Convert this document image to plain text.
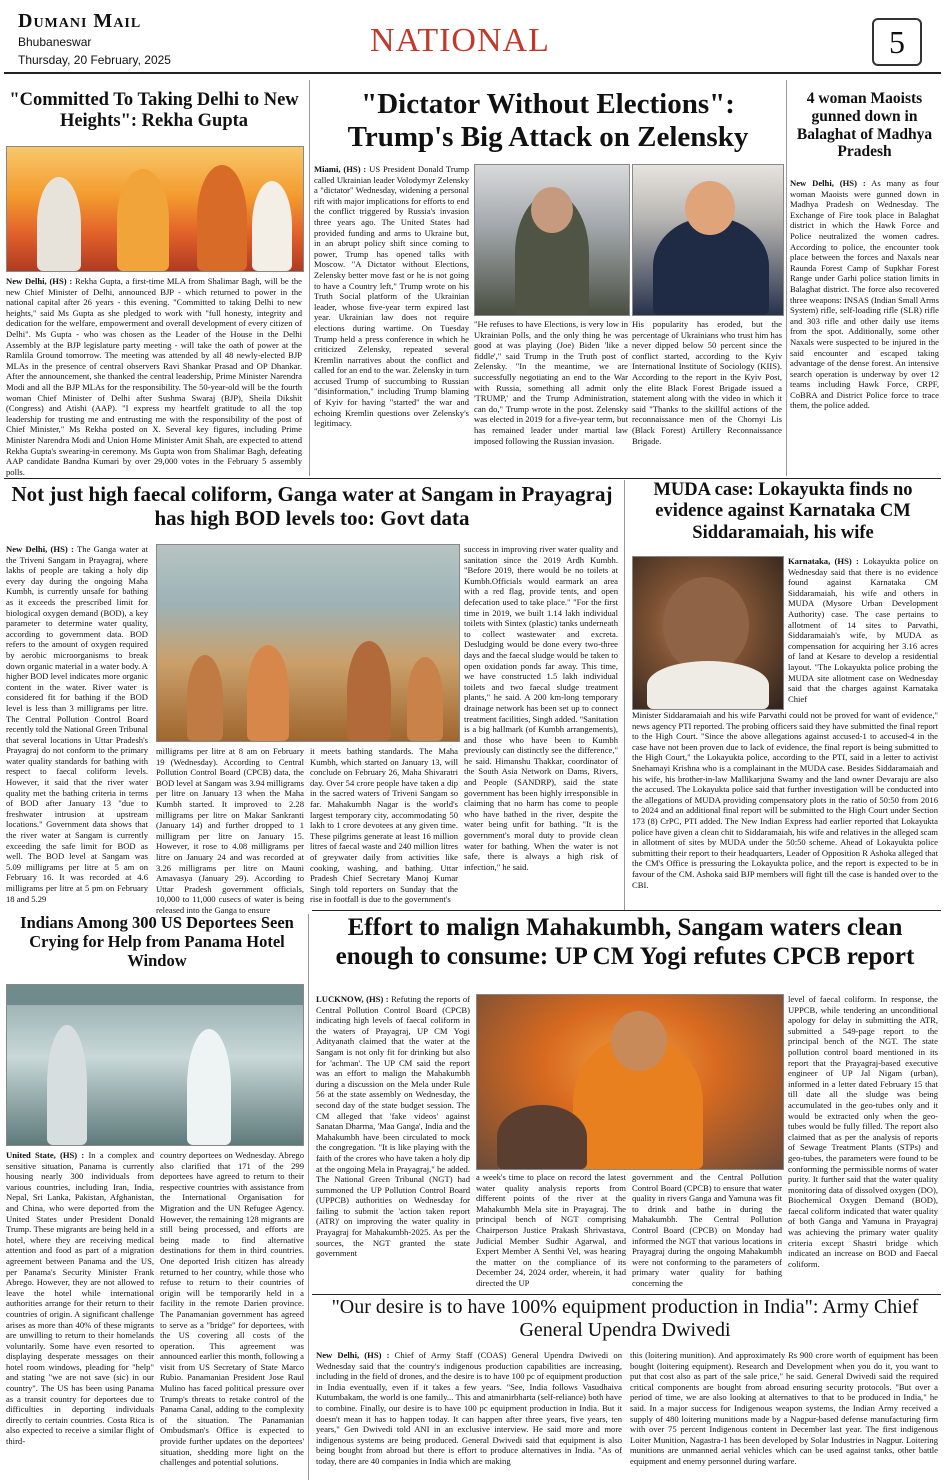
Dumani Mail
Bhubaneswar
Thursday, 20 February, 2025
NATIONAL	5
"Committed To Taking Delhi to New Heights": Rekha Gupta

New Delhi, (HS) : Rekha Gupta, a first-time MLA from Shalimar Bagh, will be the new Chief Minister of Delhi, announced BJP - which returned to power in the national capital after 26 years - this evening. "Committed to taking Delhi to new heights," said Ms Gupta as she pledged to work with "full honesty, integrity and dedication for the welfare, empowerment and overall development of every citizen of Delhi". Ms Gupta - who was chosen as the Leader of the House in the Delhi Assembly at the BJP legislature party meeting - will take the oath of power at the Ramlila Ground tomorrow. The meeting was attended by all 48 newly-elected BJP MLAs in the presence of central observers Ravi Shankar Prasad and OP Dhankar. After the announcement, she thanked the central leadership, Prime Minister Narendra Modi and all the BJP MLAs for the responsibility. The 50-year-old will be the fourth woman Chief Minister of Delhi after Sushma Swaraj (BJP), Sheila Dikshit (Congress) and Atishi (AAP). "I express my heartfelt gratitude to all the top leadership for trusting me and entrusting me with the responsibility of the post of Chief Minister," Ms Rekha posted on X. Several key figures, including Prime Minister Narendra Modi and Union Home Minister Amit Shah, are expected to attend Rekha Gupta's swearing-in ceremony. Ms Gupta won from Shalimar Bagh, defeating AAP candidate Bandna Kumari by over 29,000 votes in the February 5 assembly polls.

"Dictator Without Elections": Trump's Big Attack on Zelensky

Miami, (HS) : US President Donald Trump called Ukrainian leader Volodymyr Zelensky a "dictator" Wednesday, widening a personal rift with major implications for efforts to end the conflict triggered by Russia's invasion three years ago. The United States had provided funding and arms to Ukraine but, in an abrupt policy shift since coming to power, Trump has opened talks with Moscow. "A Dictator without Elections, Zelensky better move fast or he is not going to have a Country left," Trump wrote on his Truth Social platform of the Ukrainian leader, whose five-year term expired last year. Ukrainian law does not require elections during wartime. On Tuesday Trump held a press conference in which he criticized Zelensky, repeated several Kremlin narratives about the conflict and called for an end to the war. Zelensky in turn accused Trump of succumbing to Russian "disinformation," including Trump blaming of Kyiv for having "started" the war and echoing Kremlin questions over Zelensky's legitimacy.

"He refuses to have Elections, is very low in Ukrainian Polls, and the only thing he was good at was playing (Joe) Biden 'like a fiddle'," said Trump in the Truth post of Zelensky. "In the meantime, we are successfully negotiating an end to the War with Russia, something all admit only 'TRUMP,' and the Trump Administration, can do," Trump wrote in the post. Zelensky was elected in 2019 for a five-year term, but has remained leader under martial law imposed following the Russian invasion.

His popularity has eroded, but the percentage of Ukrainians who trust him has never dipped below 50 percent since the conflict started, according to the Kyiv International Institute of Sociology (KIIS). According to the report in the Kyiv Post, the elite Black Forest Brigade issued a statement along with the video in which it said "Thanks to the skillful actions of the reconnaissance men of the Chornyi Lis (Black Forest) Artillery Reconnaissance Brigade.

4 woman Maoists gunned down in Balaghat of Madhya Pradesh

New Delhi, (HS) : As many as four woman Maoists were gunned down in Madhya Pradesh on Wednesday. The Exchange of Fire took place in Balaghat district in which the Hawk Force and Police neutralized the women cadres. According to police, the encounter took place between the forces and Naxals near Raunda Forest Camp of Supkhar Forest Range under Garhi police station limits in Balaghat district. The force also recovered three weapons: INSAS (Indian Small Arms System) rifle, self-loading rifle (SLR) rifle and 303 rifle and other daily use items from the spot. Additionally, some other Naxals were suspected to be injured in the said encounter and escaped taking advantage of the dense forest. An intensive search operation is underway by over 12 teams including Hawk Force, CRPF, CoBRA and District Police force to trace them, the police added.

Not just high faecal coliform, Ganga water at Sangam in Prayagraj has high BOD levels too: Govt data

New Delhi, (HS) : The Ganga water at the Triveni Sangam in Prayagraj, where lakhs of people are taking a holy dip every day during the ongoing Maha Kumbh, is currently unsafe for bathing as it exceeds the prescribed limit for biological oxygen demand (BOD), a key parameter to determine water quality, according to government data. BOD refers to the amount of oxygen required by aerobic microorganisms to break down organic material in a water body. A higher BOD level indicates more organic content in the water. River water is considered fit for bathing if the BOD level is less than 3 milligrams per litre. The Central Pollution Control Board recently told the National Green Tribunal that several locations in Uttar Pradesh's Prayagraj do not conform to the primary water quality standards for bathing with respect to faecal coliform levels. However, it said that the river water quality met the bathing criteria in terms of BOD after January 13 "due to freshwater intrusion at upstream locations." Government data shows that the river water at Sangam is currently exceeding the safe limit for BOD as well. The BOD level at Sangam was 5.09 milligrams per litre at 5 am on February 16. It was recorded at 4.6 milligrams per litre at 5 pm on February 18 and 5.29

milligrams per litre at 8 am on February 19 (Wednesday). According to Central Pollution Control Board (CPCB) data, the BOD level at Sangam was 3.94 milligrams per litre on January 13 when the Maha Kumbh started. It improved to 2.28 milligrams per litre on Makar Sankranti (January 14) and further dropped to 1 milligram per litre on January 15. However, it rose to 4.08 milligrams per litre on January 24 and was recorded at 3.26 milligrams per litre on Mauni Amavasya (January 29). According to Uttar Pradesh government officials, 10,000 to 11,000 cusecs of water is being released into the Ganga to ensure

it meets bathing standards. The Maha Kumbh, which started on January 13, will conclude on February 26, Maha Shivaratri day. Over 54 crore people have taken a dip in the sacred waters of Triveni Sangam so far. Mahakumbh Nagar is the world's largest temporary city, accommodating 50 lakh to 1 crore devotees at any given time. These pilgrims generate at least 16 million litres of faecal waste and 240 million litres of greywater daily from activities like cooking, washing, and bathing. Uttar Pradesh Chief Secretary Manoj Kumar Singh told reporters on Sunday that the rise in footfall is due to the government's

success in improving river water quality and sanitation since the 2019 Ardh Kumbh. "Before 2019, there would be no toilets at Kumbh.Officials would earmark an area with a red flag, provide tents, and open defecation used to take place." "For the first time in 2019, we built 1.14 lakh individual toilets with Sintex (plastic) tanks underneath to collect wastewater and excreta. Desludging would be done every two-three days and the faecal sludge would be taken to open oxidation ponds far away. This time, we have constructed 1.5 lakh individual toilets and two faecal sludge treatment plants," he said. A 200 km-long temporary drainage network has been set up to connect treatment facilities, Singh added. "Sanitation is a big hallmark (of Kumbh arrangements), and those who have been to Kumbh previously can distinctly see the difference," he said. Himanshu Thakkar, coordinator of the South Asia Network on Dams, Rivers, and People (SANDRP), said the state government has been highly irresponsible in claiming that no harm has come to people who have bathed in the river, despite the water being unfit for bathing. "It is the government's moral duty to provide clean water for bathing. When the water is not safe, there is always a high risk of infection," he said.

MUDA case: Lokayukta finds no evidence against Karnataka CM Siddaramaiah, his wife

Karnataka, (HS) : Lokayukta police on Wednesday said that there is no evidence found against Karnataka CM Siddaramaiah, his wife and others in MUDA (Mysore Urban Development Authority) case. The case pertains to allotment of 14 sites to Parvathi, Siddaramaiah's wife, by MUDA as compensation for acquiring her 3.16 acres of land at Kesare to develop a residential layout. "The Lokayukta police probing the MUDA site allotment case on Wednesday said that the charges against Karnataka Chief

Minister Siddaramaiah and his wife Parvathi could not be proved for want of evidence," news agency PTI reported. The probing officers said they have submitted the final report to the High Court. "Since the above allegations against accused-1 to accused-4 in the case have not been proven due to lack of evidence, the final report is being submitted to the High Court," the Lokayukta police, according to the PTI, said in a letter to activist Snehamayi Krishna who is a complainant in the MUDA case. Besides Siddaramaiah and his wife, his brother-in-law Mallikarjuna Swamy and the land owner Devaraju are also the accused. The Lokayukta police said that further investigation will be conducted into the allegations of MUDA providing compensatory plots in the ratio of 50:50 from 2016 to 2024 and an additional final report will be submitted to the High Court under Section 173 (8) CrPC, PTI added. The New Indian Express had earlier reported that Lokayukta police have given a clean chit to Siddaramaiah, his wife and relatives in the alleged scam in allotment of sites by MUDA under the 50:50 scheme. Ahead of Lokayukta police submitting their report to their headquarters, Leader of Opposition R Ashoka alleged that the CM's Office is pressuring the Lokayukta police, and the report is expected to be in favour of the CM. Ashoka said BJP members will fight till the case is handed over to the CBI.

Indians Among 300 US Deportees Seen Crying for Help from Panama Hotel Window

United State, (HS) : In a complex and sensitive situation, Panama is currently housing nearly 300 individuals from various countries, including Iran, India, Nepal, Sri Lanka, Pakistan, Afghanistan, and China, who were deported from the United States under President Donald Trump. These migrants are being held in a hotel, where they are receiving medical attention and food as part of a migration agreement between Panama and the US, per Panama's Security Minister Frank Abrego. However, they are not allowed to leave the hotel while international authorities arrange for their return to their countries of origin. A significant challenge arises as more than 40% of these migrants are unwilling to return to their homelands voluntarily. Some have even resorted to displaying desperate messages on their hotel room windows, pleading for "help" and stating "we are not save (sic) in our country". The US has been using Panama as a transit country for deportees due to difficulties in deporting individuals directly to certain countries. Costa Rica is also expected to receive a similar flight of third-

country deportees on Wednesday. Abrego also clarified that 171 of the 299 deportees have agreed to return to their respective countries with assistance from the International Organisation for Migration and the UN Refugee Agency. However, the remaining 128 migrants are still being processed, and efforts are being made to find alternative destinations for them in third countries. One deported Irish citizen has already returned to her country, while those who refuse to return to their countries of origin will be temporarily held in a facility in the remote Darien province. The Panamanian government has agreed to serve as a "bridge" for deportees, with the US covering all costs of the operation. This agreement was announced earlier this month, following a visit from US Secretary of State Marco Rubio. Panamanian President Jose Raul Mulino has faced political pressure over Trump's threats to retake control of the Panama Canal, adding to the complexity of the situation. The Panamanian Ombudsman's Office is expected to provide further updates on the deportees' situation, shedding more light on the challenges and potential solutions.

Effort to malign Mahakumbh, Sangam waters clean enough to consume: UP CM Yogi refutes CPCB report

LUCKNOW, (HS) : Refuting the reports of Central Pollution Control Board (CPCB) indicating high levels of faecal coliform in the waters of Prayagraj, UP CM Yogi Adityanath claimed that the water at the Sangam is not only fit for drinking but also for 'achman'. The UP CM said the report was an effort to malign the Mahakumbh during a discussion on the Mela under Rule 56 at the state assembly on Wednesday, the second day of the state budget session. The CM alleged that 'fake videos' against Sanatan Dharma, 'Maa Ganga', India and the Mahakumbh have been circulated to mock the congregation. "It is like playing with the faith of the crores who have taken a holy dip at the ongoing Mela in Prayagraj," he added. The National Green Tribunal (NGT) had summoned the UP Pollution Control Board (UPPCB) authorities on Wednesday for failing to submit the 'action taken report (ATR)' on improving the water quality in Prayagraj for Mahakumbh-2025. As per the sources, the NGT granted the state government

a week's time to place on record the latest water quality analysis reports from different points of the river at the Mahakumbh Mela site in Prayagraj. The principal bench of NGT comprising Chairperson Justice Prakash Shrivastava, Judicial Member Sudhir Agarwal, and Expert Member A Senthi Vel, was hearing the matter on the compliance of its December 24, 2024 order, wherein, it had directed the UP

government and the Central Pollution Control Board (CPCB) to ensure that water quality in rivers Ganga and Yamuna was fit to drink and bathe in during the Mahakumbh. The Central Pollution Control Board (CPCB) on Monday had informed the NGT that various locations in Prayagraj during the ongoing Mahakumbh were not conforming to the parameters of primary water quality for bathing concerning the

level of faecal coliform. In response, the UPPCB, while tendering an unconditional apology for delay in submitting the ATR, submitted a 549-page report to the principal bench of the NGT. The state pollution control board mentioned in its report that the Prayagraj-based executive engineer of UP Jal Nigam (urban), informed in a letter dated February 15 that till date all the sludge was being accumulated in the geo-tubes only and it would be extracted only when the geo-tubes would be fully filled. The report also claimed that as per the analysis of reports of Sewage Treatment Plants (STPs) and geo-tubes, the parameters were found to be conforming the permissible norms of water purity. It further said that the water quality monitoring data of dissolved oxygen (DO), Biochemical Oxygen Demand (BOD), faecal coliform indicated that water quality of both Ganga and Yamuna in Prayagraj was achieving the primary water quality criteria except Shastri bridge which indicated an increase on BOD and Faecal coliform.

"Our desire is to have 100% equipment production in India": Army Chief General Upendra Dwivedi

New Delhi, (HS) : Chief of Army Staff (COAS) General Upendra Dwivedi on Wednesday said that the country's indigenous production capabilities are increasing, including in the field of drones, and the desire is to have 100 pc of equipment production in India eventually, even if it takes a few years. "See, India follows Vasudhaiva Kutumbakam, the world is one family... This and atmanirbharta (self-reliance) both have to combine. Finally, our desire is to have 100 pc equipment production in India. But it doesn't mean it has to happen today. It can happen after three years, five years, ten years," Gen Dwivedi told ANI in an exclusive interview. He said more and more indigenous systems are being produced. General Dwivedi said that equipment is also being bought from abroad but there is effort to produce alternatives in India. "As of today, there are 40 companies in India which are making

this (loitering munition). And approximately Rs 900 crore worth of equipment has been bought (loitering equipment). Research and Development when you do it, you want to put that cost also as part of the sale price," he said. General Dwivedi said the required critical components are bought from abroad ensuring security protocols. "But over a period of time, we are also looking at alternatives to that to be produced in India," he said. In a major success for Indigenous weapon systems, the Indian Army received a supply of 480 loitering munitions made by a Nagpur-based defense manufacturing firm with over 75 percent Indigenous content in December last year. The first indigenous Loiter Munition, Nagastra-1 has been developed by Solar Industries in Nagpur. Loitering munitions are unmanned aerial vehicles which can be used against tanks, other battle equipment and enemy personnel during warfare.
